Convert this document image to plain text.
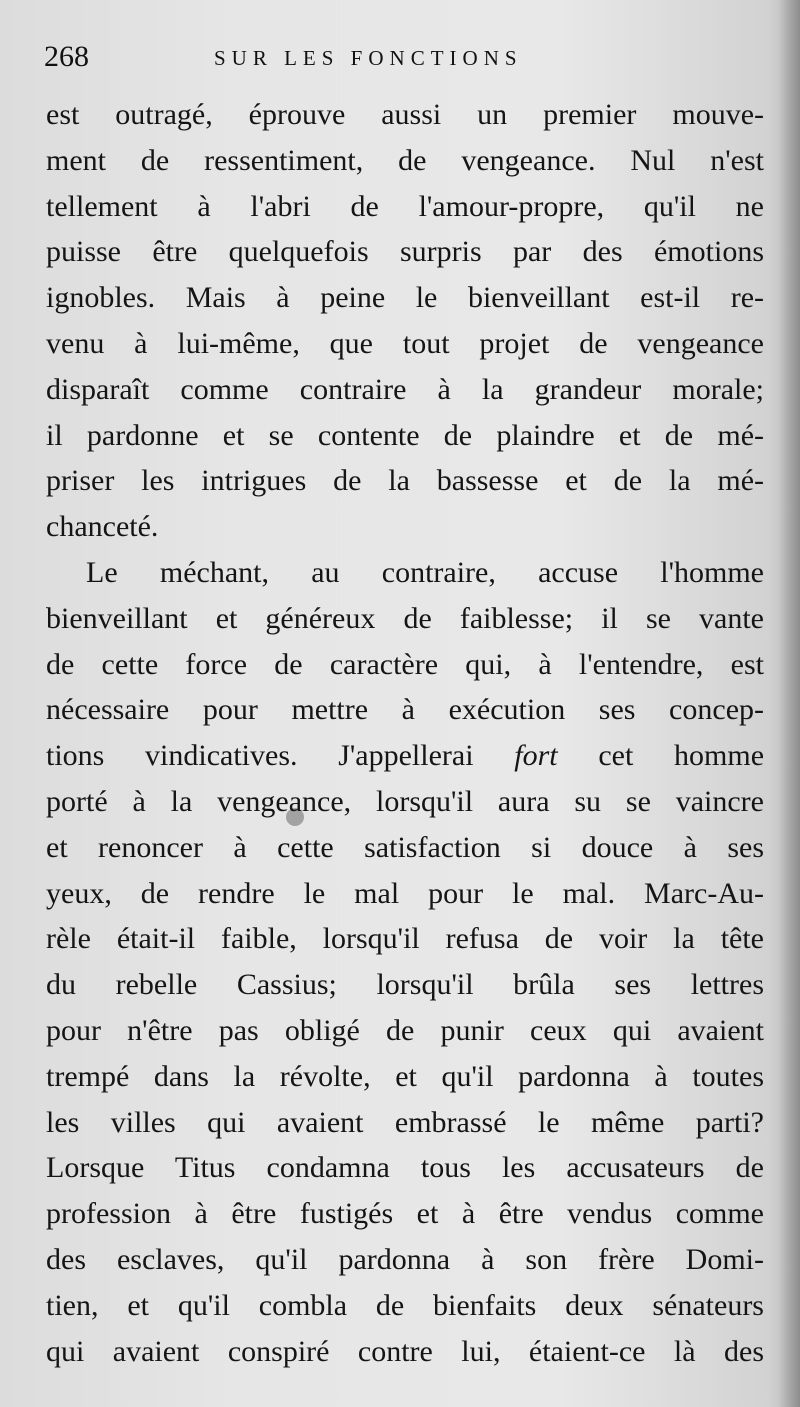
268	SUR LES FONCTIONS
est outragé, éprouve aussi un premier mouve-
ment de ressentiment, de vengeance. Nul n'est
tellement à l'abri de l'amour-propre, qu'il ne
puisse être quelquefois surpris par des émotions
ignobles. Mais à peine le bienveillant est-il re-
venu à lui-même, que tout projet de vengeance
disparaît comme contraire à la grandeur morale;
il pardonne et se contente de plaindre et de mé-
priser les intrigues de la bassesse et de la mé-
chanceté.
Le méchant, au contraire, accuse l'homme
bienveillant et généreux de faiblesse; il se vante
de cette force de caractère qui, à l'entendre, est
nécessaire pour mettre à exécution ses concep-
tions vindicatives. J'appellerai fort cet homme
porté à la vengeance, lorsqu'il aura su se vaincre
et renoncer à cette satisfaction si douce à ses
yeux, de rendre le mal pour le mal. Marc-Au-
rèle était-il faible, lorsqu'il refusa de voir la tête
du rebelle Cassius; lorsqu'il brûla ses lettres
pour n'être pas obligé de punir ceux qui avaient
trempé dans la révolte, et qu'il pardonna à toutes
les villes qui avaient embrassé le même parti?
Lorsque Titus condamna tous les accusateurs de
profession à être fustigés et à être vendus comme
des esclaves, qu'il pardonna à son frère Domi-
tien, et qu'il combla de bienfaits deux sénateurs
qui avaient conspiré contre lui, étaient-ce là des
